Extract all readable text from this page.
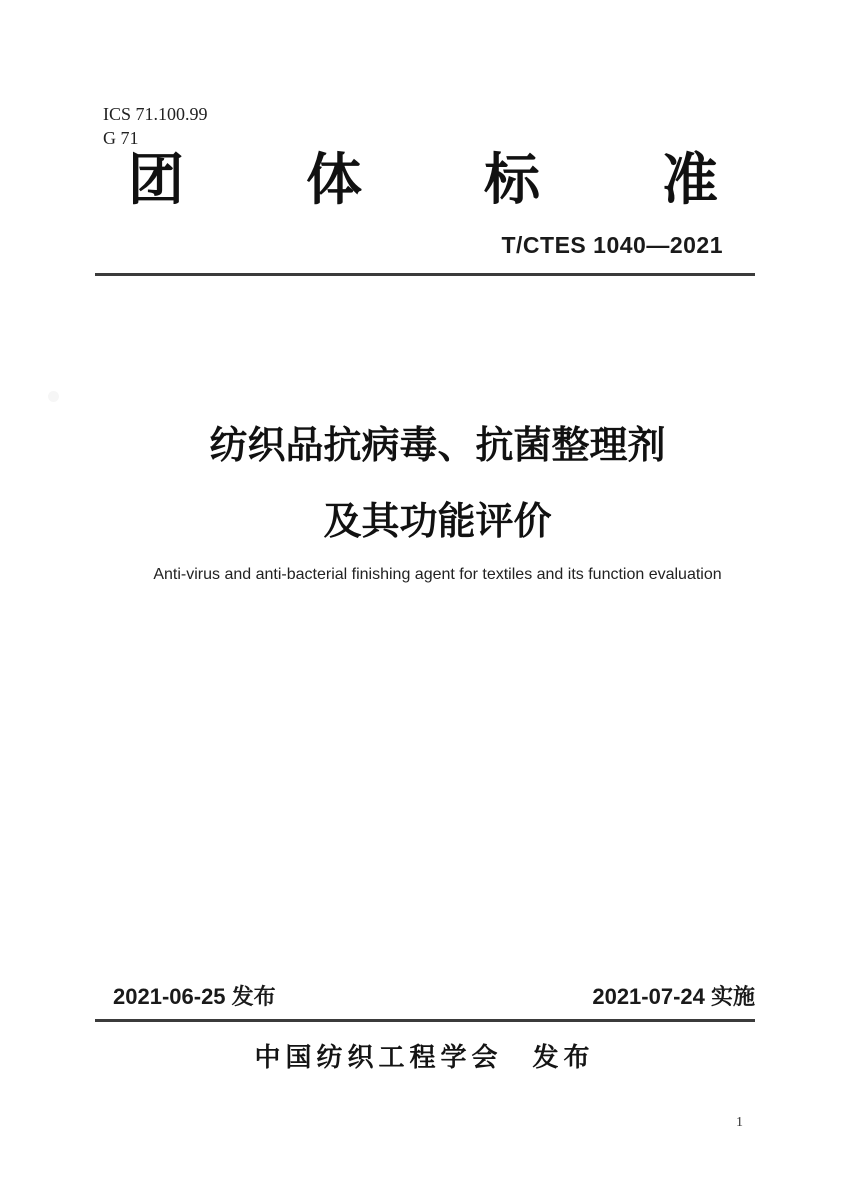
ICS 71.100.99
G 71
团 体 标 准
T/CTES 1040—2021
纺织品抗病毒、抗菌整理剂
及其功能评价
Anti-virus and anti-bacterial finishing agent for textiles and its function evaluation
2021-06-25 发布	2021-07-24 实施
中国纺织工程学会 发布
1
